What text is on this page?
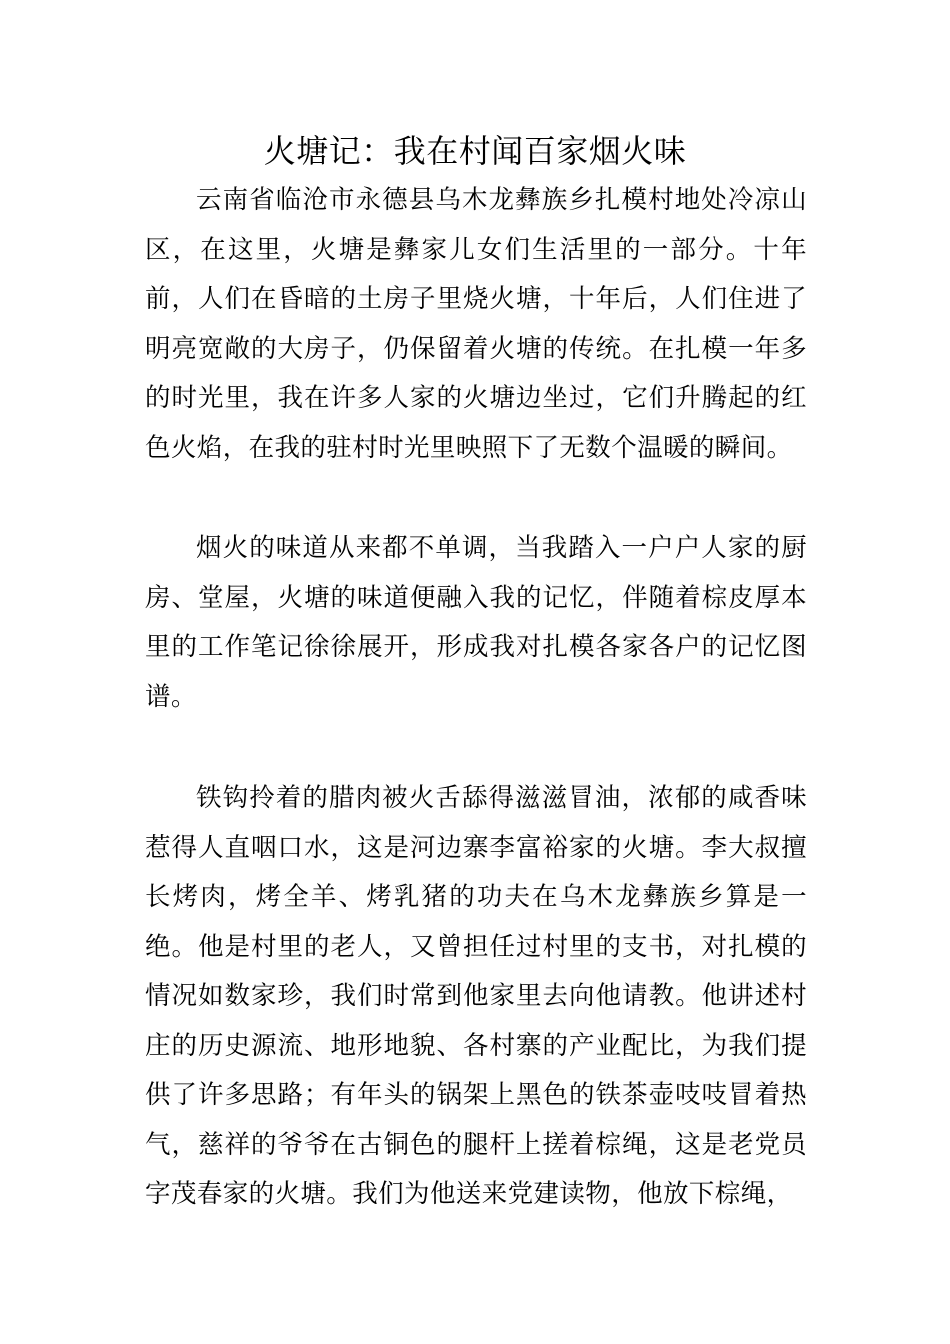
火塘记：我在村闻百家烟火味

云南省临沧市永德县乌木龙彝族乡扎模村地处冷凉山区，在这里，火塘是彝家儿女们生活里的一部分。十年前，人们在昏暗的土房子里烧火塘，十年后，人们住进了明亮宽敞的大房子，仍保留着火塘的传统。在扎模一年多的时光里，我在许多人家的火塘边坐过，它们升腾起的红色火焰，在我的驻村时光里映照下了无数个温暖的瞬间。

烟火的味道从来都不单调，当我踏入一户户人家的厨房、堂屋，火塘的味道便融入我的记忆，伴随着棕皮厚本里的工作笔记徐徐展开，形成我对扎模各家各户的记忆图谱。

铁钩拎着的腊肉被火舌舔得滋滋冒油，浓郁的咸香味惹得人直咽口水，这是河边寨李富裕家的火塘。李大叔擅长烤肉，烤全羊、烤乳猪的功夫在乌木龙彝族乡算是一绝。他是村里的老人，又曾担任过村里的支书，对扎模的情况如数家珍，我们时常到他家里去向他请教。他讲述村庄的历史源流、地形地貌、各村寨的产业配比，为我们提供了许多思路；有年头的锅架上黑色的铁茶壶吱吱冒着热气，慈祥的爷爷在古铜色的腿杆上搓着棕绳，这是老党员字茂春家的火塘。我们为他送来党建读物，他放下棕绳，
